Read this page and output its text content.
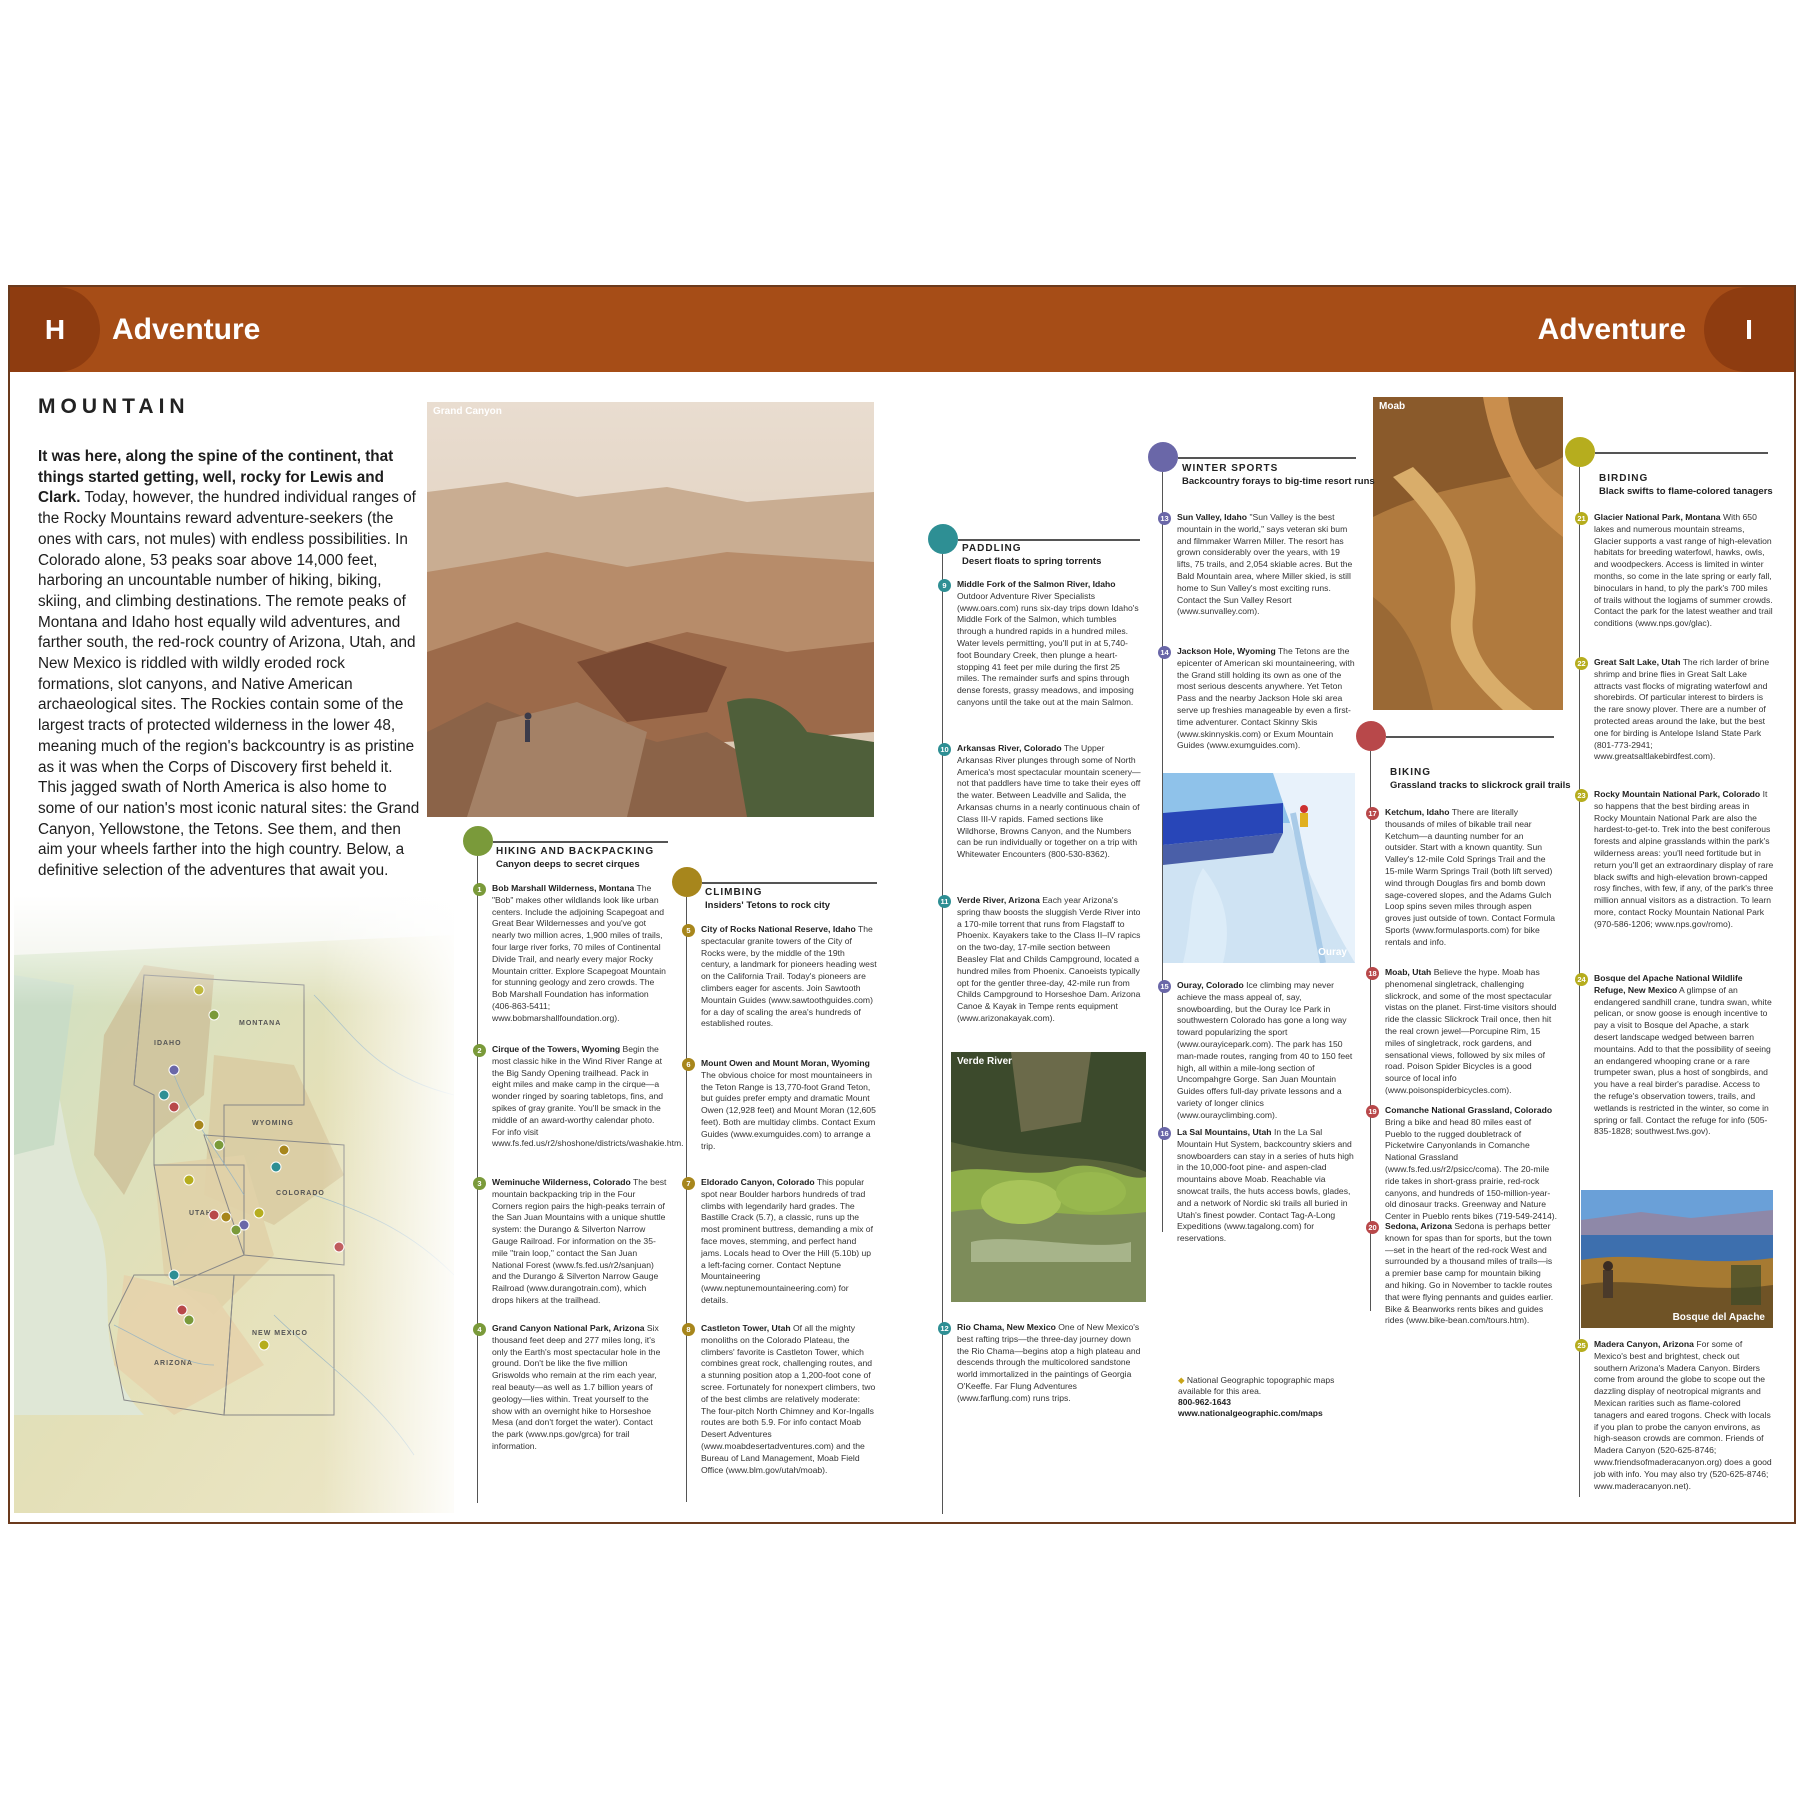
H	Adventure	Adventure	I
MOUNTAIN
It was here, along the spine of the continent, that things started getting, well, rocky for Lewis and Clark. Today, however, the hundred individual ranges of the Rocky Mountains reward adventure-seekers (the ones with cars, not mules) with endless possibilities. In Colorado alone, 53 peaks soar above 14,000 feet, harboring an uncountable number of hiking, biking, skiing, and climbing destinations. The remote peaks of Montana and Idaho host equally wild adventures, and farther south, the red-rock country of Arizona, Utah, and New Mexico is riddled with wildly eroded rock formations, slot canyons, and Native American archaeological sites. The Rockies contain some of the largest tracts of protected wilderness in the lower 48, meaning much of the region's backcountry is as pristine as it was when the Corps of Discovery first beheld it. This jagged swath of North America is also home to some of our nation's most iconic natural sites: the Grand Canyon, Yellowstone, the Tetons. See them, and then aim your wheels farther into the high country. Below, a definitive selection of the adventures that await you.
Grand Canyon	Moab
Ouray
Verde River
Bosque del Apache
HIKING AND BACKPACKING
Canyon deeps to secret cirques
1	Bob Marshall Wilderness, Montana The "Bob" makes other wildlands look like urban centers. Include the adjoining Scapegoat and Great Bear Wildernesses and you've got nearly two million acres, 1,900 miles of trails, four large river forks, 70 miles of Continental Divide Trail, and nearly every major Rocky Mountain critter. Explore Scapegoat Mountain for stunning geology and zero crowds. The Bob Marshall Foundation has information (406-863-5411; www.bobmarshallfoundation.org).
2	Cirque of the Towers, Wyoming Begin the most classic hike in the Wind River Range at the Big Sandy Opening trailhead. Pack in eight miles and make camp in the cirque—a wonder ringed by soaring tabletops, fins, and spikes of gray granite. You'll be smack in the middle of an award-worthy calendar photo. For info visit www.fs.fed.us/r2/shoshone/districts/washakie.htm.
3	Weminuche Wilderness, Colorado The best mountain backpacking trip in the Four Corners region pairs the high-peaks terrain of the San Juan Mountains with a unique shuttle system: the Durango & Silverton Narrow Gauge Railroad. For information on the 35-mile "train loop," contact the San Juan National Forest (www.fs.fed.us/r2/sanjuan) and the Durango & Silverton Narrow Gauge Railroad (www.durangotrain.com), which drops hikers at the trailhead.
4	Grand Canyon National Park, Arizona Six thousand feet deep and 277 miles long, it's only the Earth's most spectacular hole in the ground. Don't be like the five million Griswolds who remain at the rim each year, real beauty—as well as 1.7 billion years of geology—lies within. Treat yourself to the show with an overnight hike to Horseshoe Mesa (and don't forget the water). Contact the park (www.nps.gov/grca) for trail information.
CLIMBING
Insiders' Tetons to rock city
5	City of Rocks National Reserve, Idaho The spectacular granite towers of the City of Rocks were, by the middle of the 19th century, a landmark for pioneers heading west on the California Trail. Today's pioneers are climbers eager for ascents. Join Sawtooth Mountain Guides (www.sawtoothguides.com) for a day of scaling the area's hundreds of established routes.
6	Mount Owen and Mount Moran, Wyoming The obvious choice for most mountaineers in the Teton Range is 13,770-foot Grand Teton, but guides prefer empty and dramatic Mount Owen (12,928 feet) and Mount Moran (12,605 feet). Both are multiday climbs. Contact Exum Guides (www.exumguides.com) to arrange a trip.
7	Eldorado Canyon, Colorado This popular spot near Boulder harbors hundreds of trad climbs with legendarily hard grades. The Bastille Crack (5.7), a classic, runs up the most prominent buttress, demanding a mix of face moves, stemming, and perfect hand jams. Locals head to Over the Hill (5.10b) up a left-facing corner. Contact Neptune Mountaineering (www.neptunemountaineering.com) for details.
8	Castleton Tower, Utah Of all the mighty monoliths on the Colorado Plateau, the climbers' favorite is Castleton Tower, which combines great rock, challenging routes, and a stunning position atop a 1,200-foot cone of scree. Fortunately for nonexpert climbers, two of the best climbs are relatively moderate: The four-pitch North Chimney and Kor-Ingalls routes are both 5.9. For info contact Moab Desert Adventures (www.moabdesertadventures.com) and the Bureau of Land Management, Moab Field Office (www.blm.gov/utah/moab).
PADDLING
Desert floats to spring torrents
9	Middle Fork of the Salmon River, Idaho Outdoor Adventure River Specialists (www.oars.com) runs six-day trips down Idaho's Middle Fork of the Salmon, which tumbles through a hundred rapids in a hundred miles. Water levels permitting, you'll put in at 5,740-foot Boundary Creek, then plunge a heart-stopping 41 feet per mile during the first 25 miles. The remainder surfs and spins through dense forests, grassy meadows, and imposing canyons until the take out at the main Salmon.
10 Arkansas River, Colorado The Upper Arkansas River plunges through some of North America's most spectacular mountain scenery—not that paddlers have time to take their eyes off the water. Between Leadville and Salida, the Arkansas churns in a nearly continuous chain of Class III-V rapids. Famed sections like Wildhorse, Browns Canyon, and the Numbers can be run individually or together on a trip with Whitewater Encounters (800-530-8362).
11 Verde River, Arizona Each year Arizona's spring thaw boosts the sluggish Verde River into a 170-mile torrent that runs from Flagstaff to Phoenix. Kayakers take to the Class II–IV rapics on the two-day, 17-mile section between Beasley Flat and Childs Campground, located a hundred miles from Phoenix. Canoeists typically opt for the gentler three-day, 42-mile run from Childs Campground to Horseshoe Dam. Arizona Canoe & Kayak in Tempe rents equipment (www.arizonakayak.com).
12 Rio Chama, New Mexico One of New Mexico's best rafting trips—the three-day journey down the Rio Chama—begins atop a high plateau and descends through the multicolored sandstone world immortalized in the paintings of Georgia O'Keeffe. Far Flung Adventures (www.farflung.com) runs trips.
WINTER SPORTS
Backcountry forays to big-time resort runs
13 Sun Valley, Idaho "Sun Valley is the best mountain in the world," says veteran ski bum and filmmaker Warren Miller. The resort has grown considerably over the years, with 19 lifts, 75 trails, and 2,054 skiable acres. But the Bald Mountain area, where Miller skied, is still home to Sun Valley's most exciting runs. Contact the Sun Valley Resort (www.sunvalley.com).
14 Jackson Hole, Wyoming The Tetons are the epicenter of American ski mountaineering, with the Grand still holding its own as one of the most serious descents anywhere. Yet Teton Pass and the nearby Jackson Hole ski area serve up freshies manageable by even a first-time adventurer. Contact Skinny Skis (www.skinnyskis.com) or Exum Mountain Guides (www.exumguides.com).
15 Ouray, Colorado Ice climbing may never achieve the mass appeal of, say, snowboarding, but the Ouray Ice Park in southwestern Colorado has gone a long way toward popularizing the sport (www.ourayicepark.com). The park has 150 man-made routes, ranging from 40 to 150 feet high, all within a mile-long section of Uncompahgre Gorge. San Juan Mountain Guides offers full-day private lessons and a variety of longer clinics (www.ourayclimbing.com).
16 La Sal Mountains, Utah In the La Sal Mountain Hut System, backcountry skiers and snowboarders can stay in a series of huts high in the 10,000-foot pine- and aspen-clad mountains above Moab. Reachable via snowcat trails, the huts access bowls, glades, and a network of Nordic ski trails all buried in Utah's finest powder. Contact Tag-A-Long Expeditions (www.tagalong.com) for reservations.
◆ National Geographic topographic maps available for this area.
800-962-1643
www.nationalgeographic.com/maps
BIKING
Grassland tracks to slickrock grail trails
17 Ketchum, Idaho There are literally thousands of miles of bikable trail near Ketchum—a daunting number for an outsider. Start with a known quantity. Sun Valley's 12-mile Cold Springs Trail and the 15-mile Warm Springs Trail (both lift served) wind through Douglas firs and bomb down sage-covered slopes, and the Adams Gulch Loop spins seven miles through aspen groves just outside of town. Contact Formula Sports (www.formulasports.com) for bike rentals and info.
18 Moab, Utah Believe the hype. Moab has phenomenal singletrack, challenging slickrock, and some of the most spectacular vistas on the planet. First-time visitors should ride the classic Slickrock Trail once, then hit the real crown jewel—Porcupine Rim, 15 miles of singletrack, rock gardens, and sensational views, followed by six miles of road. Poison Spider Bicycles is a good source of local info (www.poisonspiderbicycles.com).
19 Comanche National Grassland, Colorado Bring a bike and head 80 miles east of Pueblo to the rugged doubletrack of Picketwire Canyonlands in Comanche National Grassland (www.fs.fed.us/r2/psicc/coma). The 20-mile ride takes in short-grass prairie, red-rock canyons, and hundreds of 150-million-year-old dinosaur tracks. Greenway and Nature Center in Pueblo rents bikes (719-549-2414).
20 Sedona, Arizona Sedona is perhaps better known for spas than for sports, but the town—set in the heart of the red-rock West and surrounded by a thousand miles of trails—is a premier base camp for mountain biking and hiking. Go in November to tackle routes that were flying pennants and guides earlier. Bike & Beanworks rents bikes and guides rides (www.bike-bean.com/tours.htm).
BIRDING
Black swifts to flame-colored tanagers
21 Glacier National Park, Montana With 650 lakes and numerous mountain streams, Glacier supports a vast range of high-elevation habitats for breeding waterfowl, hawks, owls, and woodpeckers. Access is limited in winter months, so come in the late spring or early fall, binoculars in hand, to ply the park's 700 miles of trails without the logjams of summer crowds. Contact the park for the latest weather and trail conditions (www.nps.gov/glac).
22 Great Salt Lake, Utah The rich larder of brine shrimp and brine flies in Great Salt Lake attracts vast flocks of migrating waterfowl and shorebirds. Of particular interest to birders is the rare snowy plover. There are a number of protected areas around the lake, but the best one for birding is Antelope Island State Park (801-773-2941; www.greatsaltlakebirdfest.com).
23 Rocky Mountain National Park, Colorado It so happens that the best birding areas in Rocky Mountain National Park are also the hardest-to-get-to. Trek into the best coniferous forests and alpine grasslands within the park's wilderness areas: you'll need fortitude but in return you'll get an extraordinary display of rare black swifts and high-elevation brown-capped rosy finches, with few, if any, of the park's three million annual visitors as a distraction. To learn more, contact Rocky Mountain National Park (970-586-1206; www.nps.gov/romo).
24 Bosque del Apache National Wildlife Refuge, New Mexico A glimpse of an endangered sandhill crane, tundra swan, white pelican, or snow goose is enough incentive to pay a visit to Bosque del Apache, a stark desert landscape wedged between barren mountains. Add to that the possibility of seeing an endangered whooping crane or a rare trumpeter swan, plus a host of songbirds, and you have a real birder's paradise. Access to the refuge's observation towers, trails, and wetlands is restricted in the winter, so come in spring or fall. Contact the refuge for info (505-835-1828; southwest.fws.gov).
25 Madera Canyon, Arizona For some of Mexico's best and brightest, check out southern Arizona's Madera Canyon. Birders come from around the globe to scope out the dazzling display of neotropical migrants and Mexican rarities such as flame-colored tanagers and eared trogons. Check with locals if you plan to probe the canyon environs, as high-season crowds are common. Friends of Madera Canyon (520-625-8746; www.friendsofmaderacanyon.org) does a good job with info. You may also try (520-625-8746; www.maderacanyon.net).
